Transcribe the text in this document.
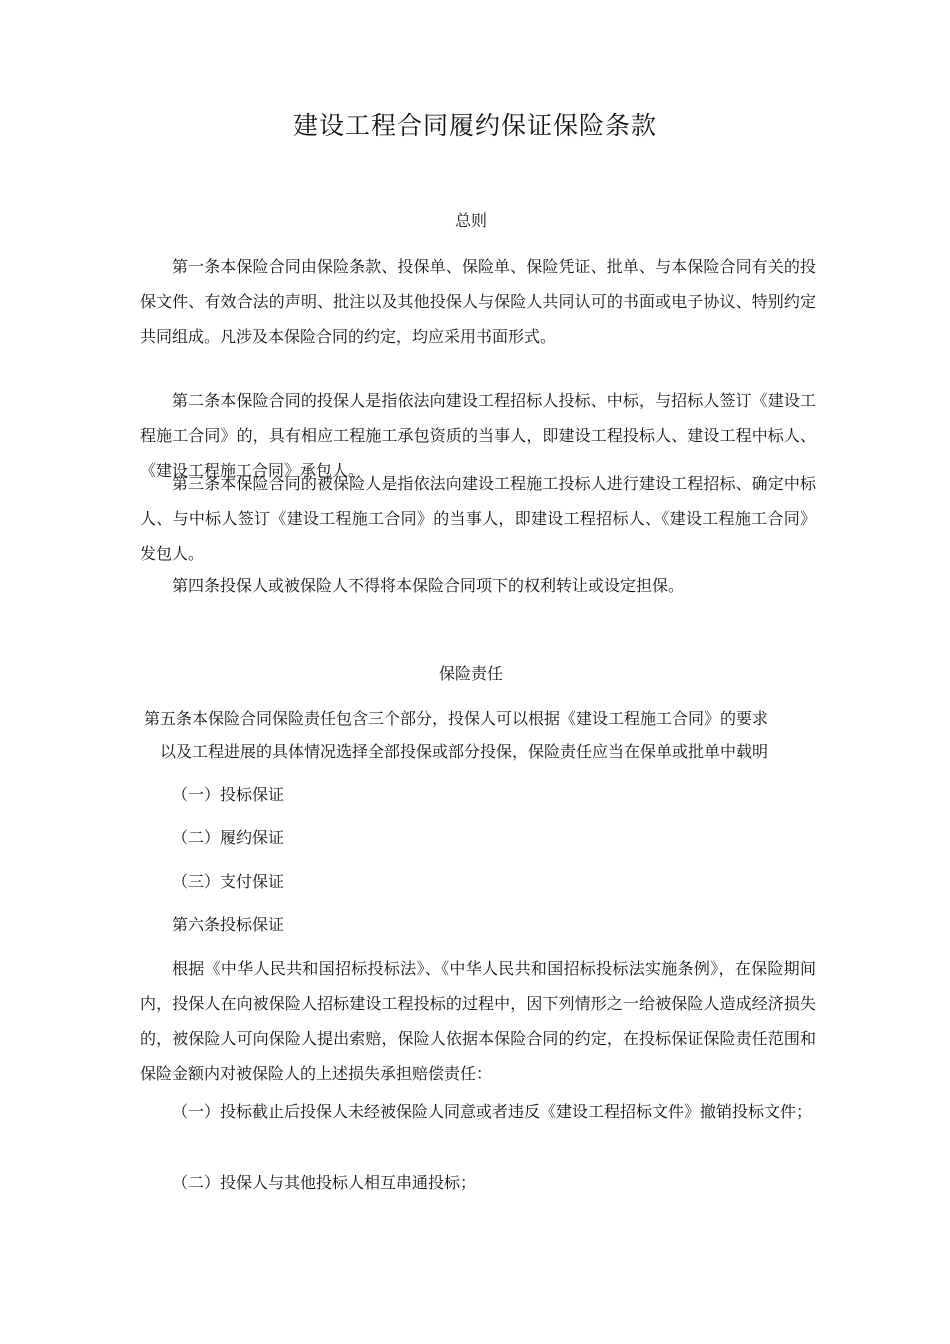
建设工程合同履约保证保险条款
总则

第一条本保险合同由保险条款、投保单、保险单、保险凭证、批单、与本保险合同有关的投保文件、有效合法的声明、批注以及其他投保人与保险人共同认可的书面或电子协议、特别约定共同组成。凡涉及本保险合同的约定，均应采用书面形式。

第二条本保险合同的投保人是指依法向建设工程招标人投标、中标，与招标人签订《建设工程施工合同》的，具有相应工程施工承包资质的当事人，即建设工程投标人、建设工程中标人、《建设工程施工合同》承包人。

第三条本保险合同的被保险人是指依法向建设工程施工投标人进行建设工程招标、确定中标人、与中标人签订《建设工程施工合同》的当事人，即建设工程招标人、《建设工程施工合同》发包人。

第四条投保人或被保险人不得将本保险合同项下的权利转让或设定担保。

保险责任

第五条本保险合同保险责任包含三个部分，投保人可以根据《建设工程施工合同》的要求

以及工程进展的具体情况选择全部投保或部分投保，保险责任应当在保单或批单中载明

（一）投标保证

（二）履约保证

（三）支付保证

第六条投标保证

根据《中华人民共和国招标投标法》、《中华人民共和国招标投标法实施条例》，在保险期间内，投保人在向被保险人招标建设工程投标的过程中，因下列情形之一给被保险人造成经济损失的，被保险人可向保险人提出索赔，保险人依据本保险合同的约定，在投标保证保险责任范围和保险金额内对被保险人的上述损失承担赔偿责任：

（一）投标截止后投保人未经被保险人同意或者违反《建设工程招标文件》撤销投标文件；

（二）投保人与其他投标人相互串通投标；
